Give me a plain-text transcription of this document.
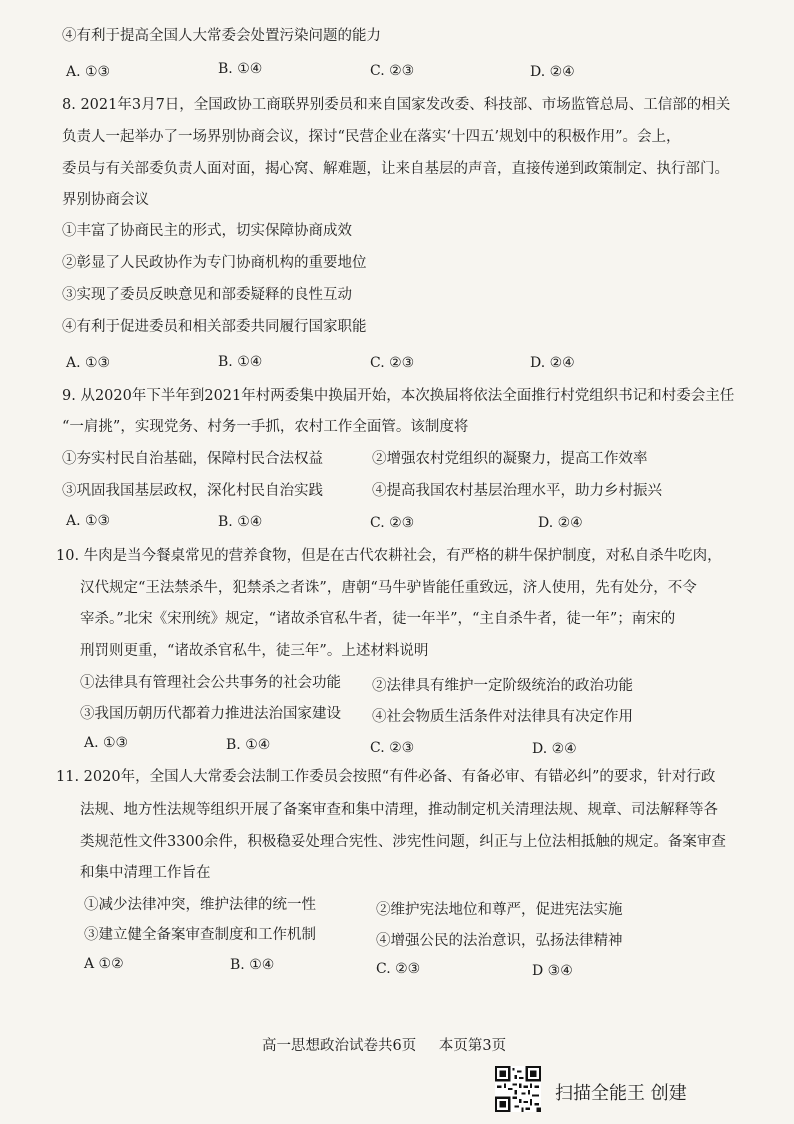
④有利于提高全国人大常委会处置污染问题的能力
A. ①③	B. ①④	C. ②③	D. ②④
8. 2021年3月7日，全国政协工商联界别委员和来自国家发改委、科技部、市场监管总局、工信部的相关
负责人一起举办了一场界别协商会议，探讨“民营企业在落实‘十四五’规划中的积极作用”。会上，
委员与有关部委负责人面对面，揭心窝、解难题，让来自基层的声音，直接传递到政策制定、执行部门。
界别协商会议
①丰富了协商民主的形式，切实保障协商成效
②彰显了人民政协作为专门协商机构的重要地位
③实现了委员反映意见和部委疑释的良性互动
④有利于促进委员和相关部委共同履行国家职能
A. ①③	B. ①④	C. ②③	D. ②④
9. 从2020年下半年到2021年村两委集中换届开始，本次换届将依法全面推行村党组织书记和村委会主任
“一肩挑”，实现党务、村务一手抓，农村工作全面管。该制度将
①夯实村民自治基础，保障村民合法权益	②增强农村党组织的凝聚力，提高工作效率
③巩固我国基层政权，深化村民自治实践	④提高我国农村基层治理水平，助力乡村振兴
A. ①③	B. ①④	C. ②③	D. ②④
10. 牛肉是当今餐桌常见的营养食物，但是在古代农耕社会，有严格的耕牛保护制度，对私自杀牛吃肉，
汉代规定“王法禁杀牛，犯禁杀之者诛”，唐朝“马牛驴皆能任重致远，济人使用，先有处分，不令
宰杀。”北宋《宋刑统》规定，“诸故杀官私牛者，徒一年半”，“主自杀牛者，徒一年”；南宋的
刑罚则更重，“诸故杀官私牛，徒三年”。上述材料说明
①法律具有管理社会公共事务的社会功能 ②法律具有维护一定阶级统治的政治功能
③我国历朝历代都着力推进法治国家建设 ④社会物质生活条件对法律具有决定作用
A. ①③	B. ①④	C. ②③	D. ②④
11. 2020年，全国人大常委会法制工作委员会按照“有件必备、有备必审、有错必纠”的要求，针对行政
法规、地方性法规等组织开展了备案审查和集中清理，推动制定机关清理法规、规章、司法解释等各
类规范性文件3300余件，积极稳妥处理合宪性、涉宪性问题，纠正与上位法相抵触的规定。备案审查
和集中清理工作旨在
①减少法律冲突，维护法律的统一性	②维护宪法地位和尊严，促进宪法实施
③建立健全备案审查制度和工作机制	④增强公民的法治意识，弘扬法律精神
A ①②	B. ①④	C. ②③	D ③④
高一思想政治试卷共6页 本页第3页
扫描全能王 创建
